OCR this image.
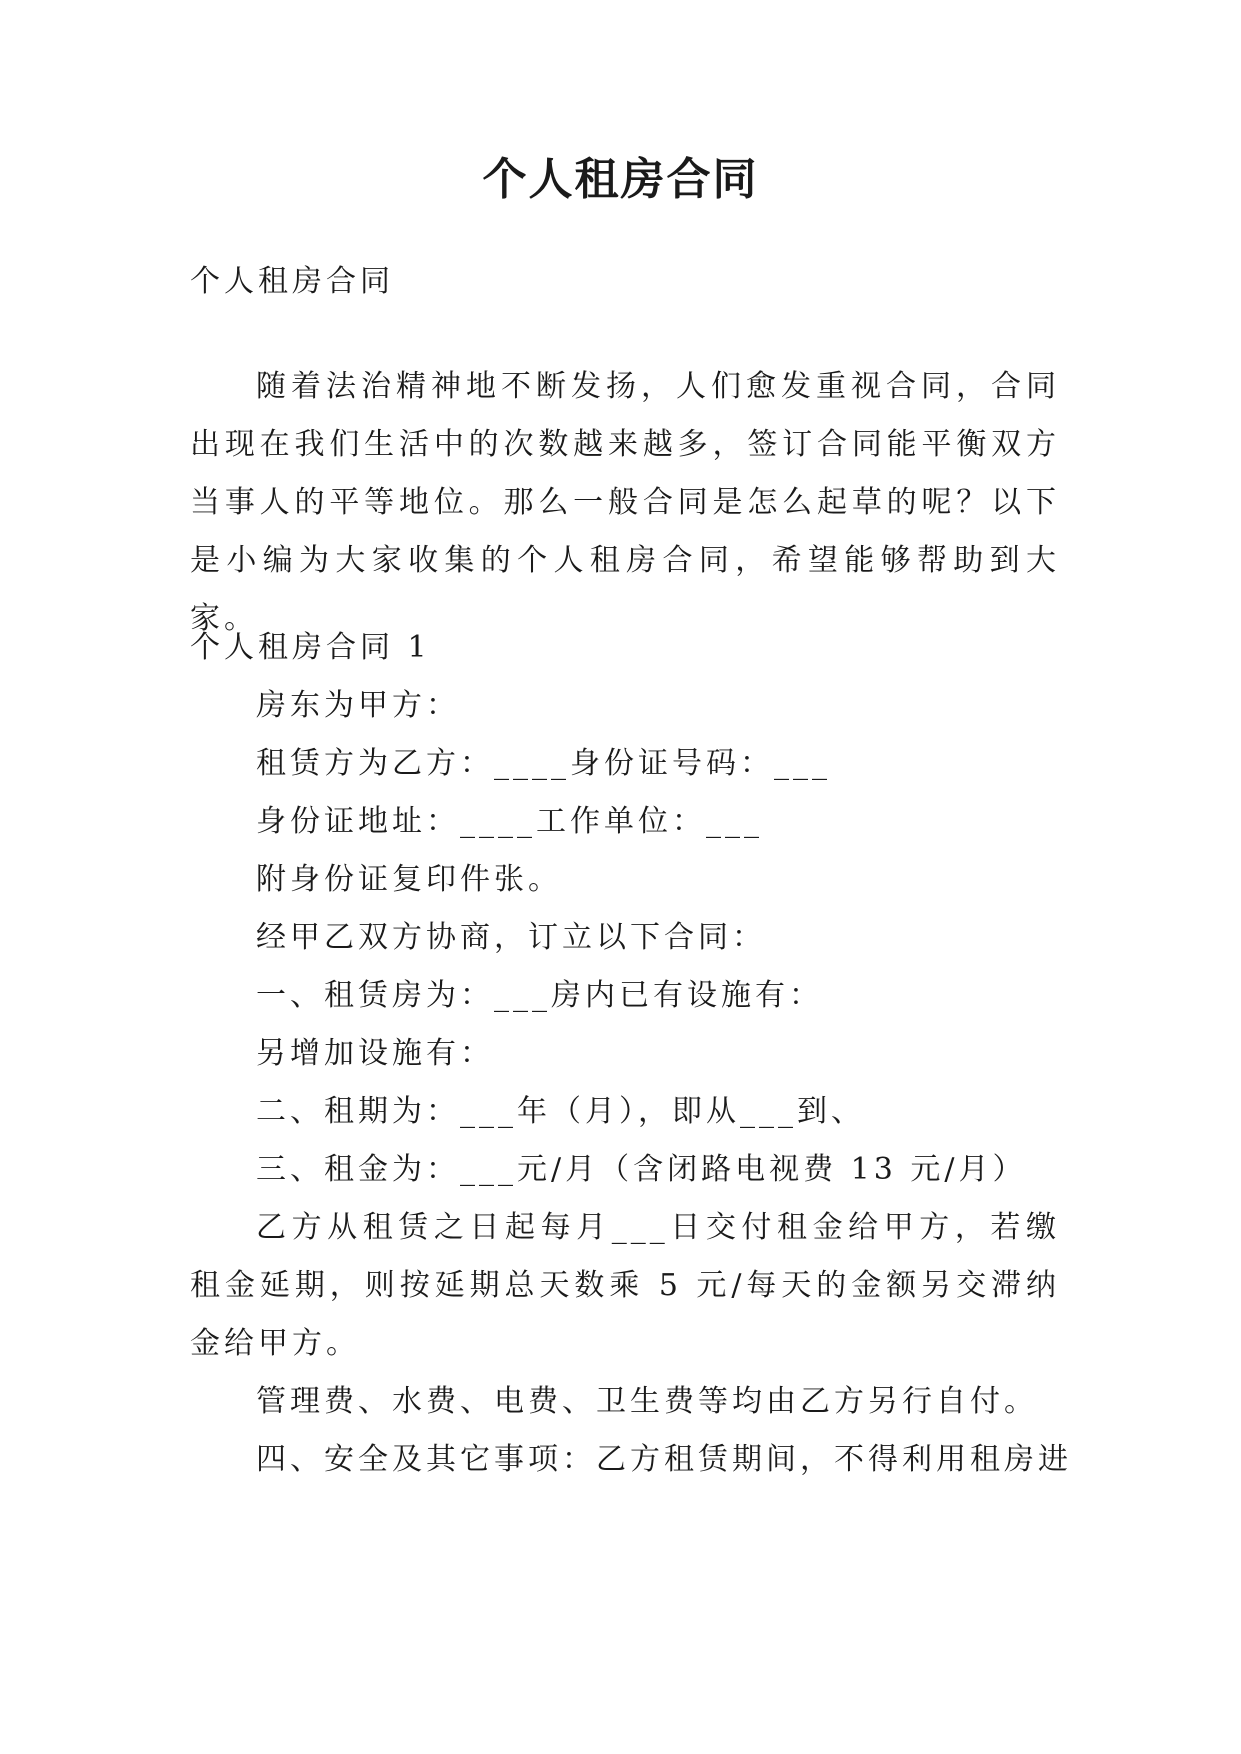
个人租房合同
个人租房合同
随着法治精神地不断发扬，人们愈发重视合同，合同出现在我们生活中的次数越来越多，签订合同能平衡双方当事人的平等地位。那么一般合同是怎么起草的呢？以下是小编为大家收集的个人租房合同，希望能够帮助到大家。
个人租房合同 1
房东为甲方：
租赁方为乙方：____身份证号码：___
身份证地址：____工作单位：___
附身份证复印件张。
经甲乙双方协商，订立以下合同：
一、租赁房为：___房内已有设施有：
另增加设施有：
二、租期为：___年（月），即从___到、
三、租金为：___元/月（含闭路电视费 13 元/月）
乙方从租赁之日起每月___日交付租金给甲方，若缴租金延期，则按延期总天数乘 5 元/每天的金额另交滞纳金给甲方。
管理费、水费、电费、卫生费等均由乙方另行自付。
四、安全及其它事项：乙方租赁期间，不得利用租房进
